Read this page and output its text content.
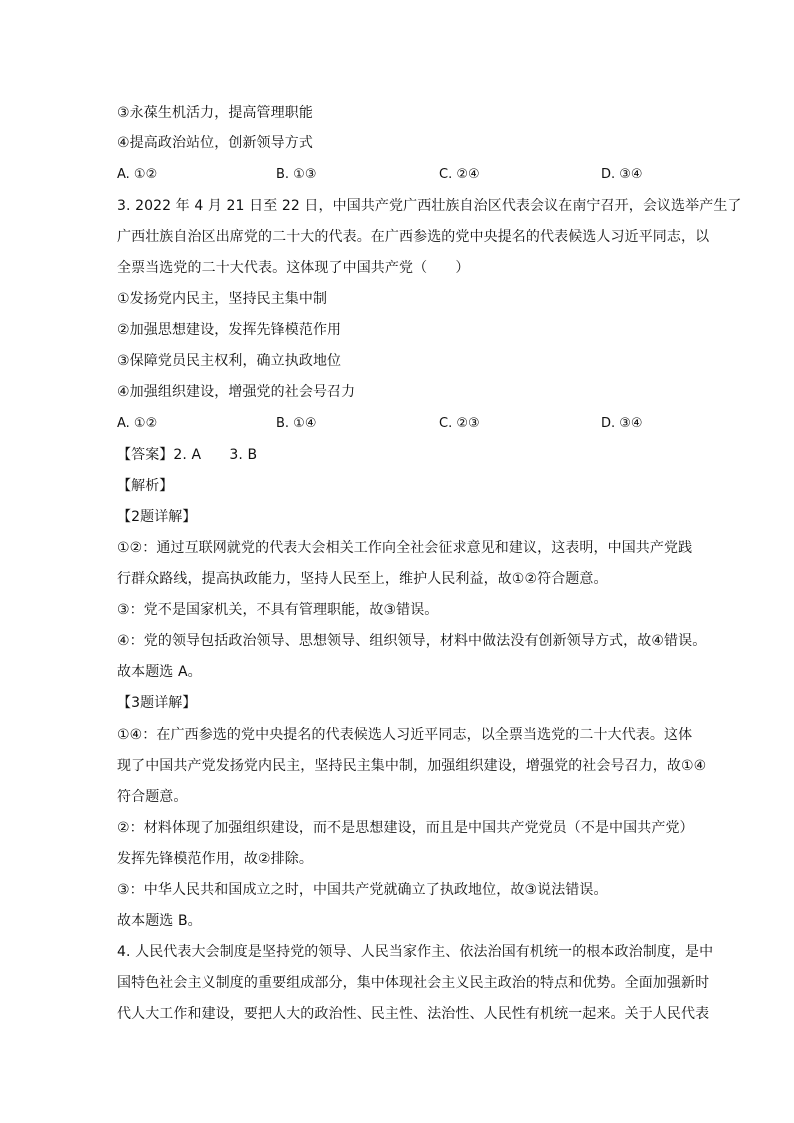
③永葆生机活力，提高管理职能
④提高政治站位，创新领导方式
A. ①②	B. ①③	C. ②④	D. ③④
3. 2022 年 4 月 21 日至 22 日，中国共产党广西壮族自治区代表会议在南宁召开，会议选举产生了
广西壮族自治区出席党的二十大的代表。在广西参选的党中央提名的代表候选人习近平同志，以
全票当选党的二十大代表。这体现了中国共产党（　　）
①发扬党内民主，坚持民主集中制
②加强思想建设，发挥先锋模范作用
③保障党员民主权利，确立执政地位
④加强组织建设，增强党的社会号召力
A. ①②	B. ①④	C. ②③	D. ③④
【答案】2. A　　3. B
【解析】
【2题详解】
①②：通过互联网就党的代表大会相关工作向全社会征求意见和建议，这表明，中国共产党践
行群众路线，提高执政能力，坚持人民至上，维护人民利益，故①②符合题意。
③：党不是国家机关，不具有管理职能，故③错误。
④：党的领导包括政治领导、思想领导、组织领导，材料中做法没有创新领导方式，故④错误。
故本题选 A。
【3题详解】
①④：在广西参选的党中央提名的代表候选人习近平同志，以全票当选党的二十大代表。这体
现了中国共产党发扬党内民主，坚持民主集中制，加强组织建设，增强党的社会号召力，故①④
符合题意。
②：材料体现了加强组织建设，而不是思想建设，而且是中国共产党党员（不是中国共产党）
发挥先锋模范作用，故②排除。
③：中华人民共和国成立之时，中国共产党就确立了执政地位，故③说法错误。
故本题选 B。
4. 人民代表大会制度是坚持党的领导、人民当家作主、依法治国有机统一的根本政治制度，是中
国特色社会主义制度的重要组成部分，集中体现社会主义民主政治的特点和优势。全面加强新时
代人大工作和建设，要把人大的政治性、民主性、法治性、人民性有机统一起来。关于人民代表
